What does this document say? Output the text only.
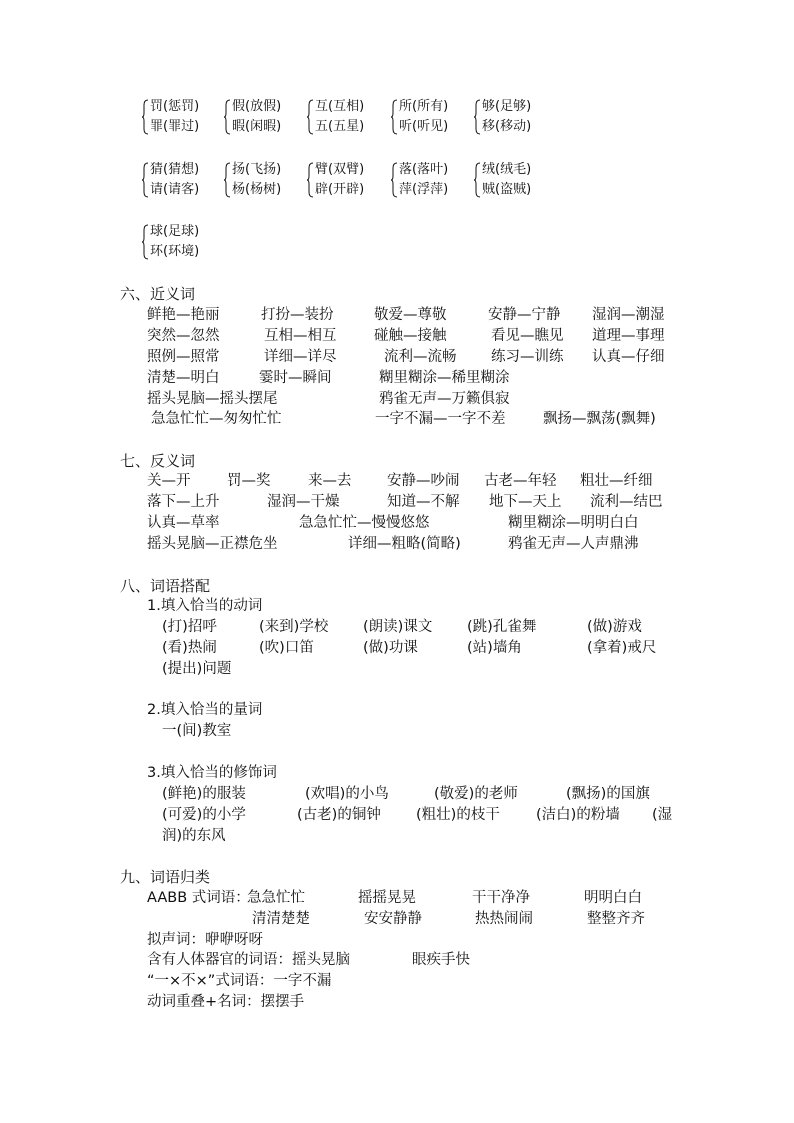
罚(惩罚)
罪(罪过)
假(放假)
暇(闲暇)
互(互相)
五(五星)
所(所有)
听(听见)
够(足够)
移(移动)
猜(猜想)
请(请客)
扬(飞扬)
杨(杨树)
臂(双臂)
辟(开辟)
落(落叶)
萍(浮萍)
绒(绒毛)
贼(盗贼)
球(足球)
环(环境)
六、近义词
鲜艳—艳丽	打扮—装扮	敬爱—尊敬	安静—宁静 湿润—潮湿
突然—忽然	互相—相互	碰触—接触	看见—瞧见 道理—事理
照例—照常	详细—详尽	流利—流畅 练习—训练 认真—仔细
清楚—明白	霎时—瞬间	糊里糊涂—稀里糊涂
摇头晃脑—摇头摆尾	鸦雀无声—万籁俱寂
急急忙忙—匆匆忙忙	一字不漏—一字不差	飘扬—飘荡(飘舞)
七、反义词
关—开	罚—奖	来—去 安静—吵闹 古老—年轻 粗壮—纤细
落下—上升	湿润—干燥	知道—不解 地下—天上 流利—结巴
认真—草率	急急忙忙—慢慢悠悠	糊里糊涂—明明白白
摇头晃脑—正襟危坐	详细—粗略(简略)	鸦雀无声—人声鼎沸
八、词语搭配
1.填入恰当的动词
(打)招呼	(来到)学校 (朗读)课文 (跳)孔雀舞	(做)游戏
(看)热闹	(吹)口笛	(做)功课	(站)墙角	(拿着)戒尺
(提出)问题
2.填入恰当的量词
一(间)教室
3.填入恰当的修饰词
(鲜艳)的服装	(欢唱)的小鸟	(敬爱)的老师	(飘扬)的国旗
(可爱)的小学	(古老)的铜钟 (粗壮)的枝干 (洁白)的粉墙 (湿
润)的东风
九、词语归类
AABB 式词语：
急急忙忙	摇摇晃晃	干干净净	明明白白
清清楚楚	安安静静	热热闹闹	整整齐齐
拟声词：咿咿呀呀
含有人体器官的词语：摇头晃脑	眼疾手快
“一×不×”式词语：一字不漏
动词重叠+名词：摆摆手
